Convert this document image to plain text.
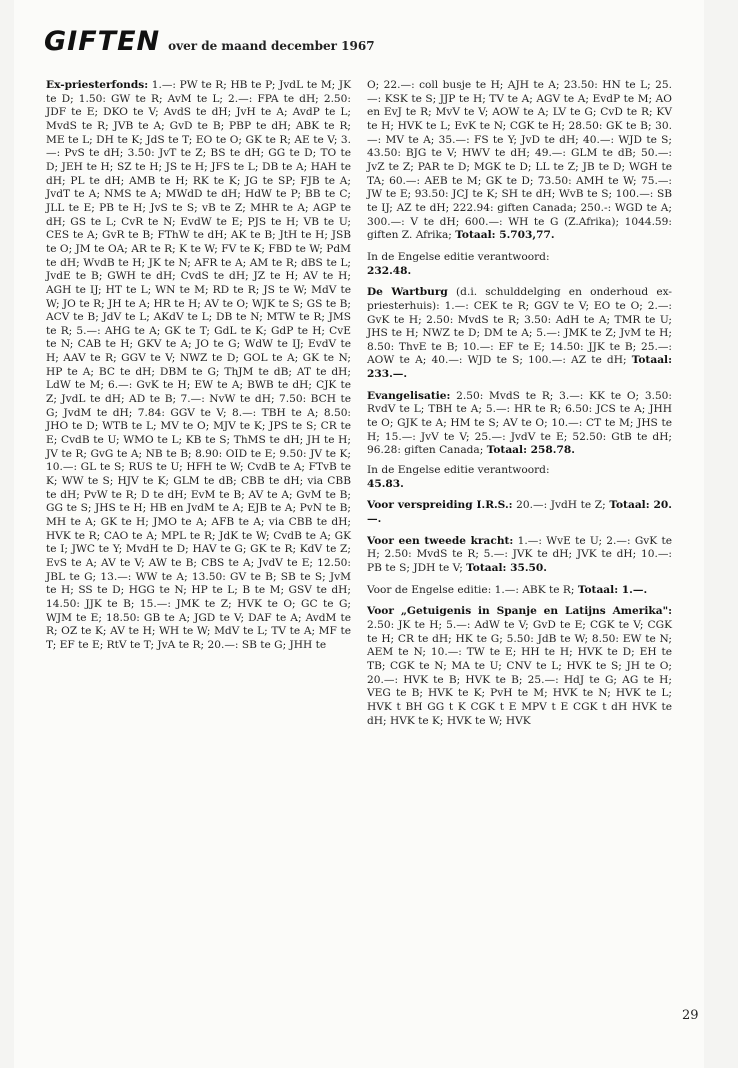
GIFTEN over de maand december 1967

Ex-priesterfonds: 1.—: PW te R; HB te P; JvdL te M; JK te D; 1.50: GW te R; AvM te L; 2.—: FPA te dH; 2.50: JDF te E; DKO te V; AvdS te dH; JvH te A; AvdP te L; MvdS te R; JVB te A; GvD te B; PBP te dH; ABK te R; ME te L; DH te K; JdS te T; EO te O; GK te R; AE te V; 3.—: PvS te dH; 3.50: JvT te Z; BS te dH; GG te D; TO te D; JEH te H; SZ te H; JS te H; JFS te L; DB te A; HAH te dH; PL te dH; AMB te H; RK te K; JG te SP; FJB te A; JvdT te A; NMS te A; MWdD te dH; HdW te P; BB te C; JLL te E; PB te H; JvS te S; vB te Z; MHR te A; AGP te dH; GS te L; CvR te N; EvdW te E; PJS te H; VB te U; CES te A; GvR te B; FThW te dH; AK te B; JtH te H; JSB te O; JM te OA; AR te R; K te W; FV te K; FBD te W; PdM te dH; WvdB te H; JK te N; AFR te A; AM te R; dBS te L; JvdE te B; GWH te dH; CvdS te dH; JZ te H; AV te H; AGH te IJ; HT te L; WN te M; RD te R; JS te W; MdV te W; JO te R; JH te A; HR te H; AV te O; WJK te S; GS te B; ACV te B; JdV te L; AKdV te L; DB te N; MTW te R; JMS te R; 5.—: AHG te A; GK te T; GdL te K; GdP te H; CvE te N; CAB te H; GKV te A; JO te G; WdW te IJ; EvdV te H; AAV te R; GGV te V; NWZ te D; GOL te A; GK te N; HP te A; BC te dH; DBM te G; ThJM te dB; AT te dH; LdW te M; 6.—: GvK te H; EW te A; BWB te dH; CJK te Z; JvdL te dH; AD te B; 7.—: NvW te dH; 7.50: BCH te G; JvdM te dH; 7.84: GGV te V; 8.—: TBH te A; 8.50: JHO te D; WTB te L; MV te O; MJV te K; JPS te S; CR te E; CvdB te U; WMO te L; KB te S; ThMS te dH; JH te H; JV te R; GvG te A; NB te B; 8.90: OID te E; 9.50: JV te K; 10.—: GL te S; RUS te U; HFH te W; CvdB te A; FTvB te K; WW te S; HJV te K; GLM te dB; CBB te dH; via CBB te dH; PvW te R; D te dH; EvM te B; AV te A; GvM te B; GG te S; JHS te H; HB en JvdM te A; EJB te A; PvN te B; MH te A; GK te H; JMO te A; AFB te A; via CBB te dH; HVK te R; CAO te A; MPL te R; JdK te W; CvdB te A; GK te I; JWC te Y; MvdH te D; HAV te G; GK te R; KdV te Z; EvS te A; AV te V; AW te B; CBS te A; JvdV te E; 12.50: JBL te G; 13.—: WW te A; 13.50: GV te B; SB te S; JvM te H; SS te D; HGG te N; HP te L; B te M; GSV te dH; 14.50: JJK te B; 15.—: JMK te Z; HVK te O; GC te G; WJM te E; 18.50: GB te A; JGD te V; DAF te A; AvdM te R; OZ te K; AV te H; WH te W; MdV te L; TV te A; MF te T; EF te E; RtV te T; JvA te R; 20.—: SB te G; JHH te

O; 22.—: coll busje te H; AJH te A; 23.50: HN te L; 25.—: KSK te S; JJP te H; TV te A; AGV te A; EvdP te M; AO en EvJ te R; MvV te V; AOW te A; LV te G; CvD te R; KV te H; HVK te L; EvK te N; CGK te H; 28.50: GK te B; 30.—: MV te A; 35.—: FS te Y; JvD te dH; 40.—: WJD te S; 43.50: BJG te V; HWV te dH; 49.—: GLM te dB; 50.—: JvZ te Z; PAR te D; MGK te D; LL te Z; JB te D; WGH te TA; 60.—: AEB te M; GK te D; 73.50: AMH te W; 75.—: JW te E; 93.50: JCJ te K; SH te dH; WvB te S; 100.—: SB te IJ; AZ te dH; 222.94: giften Canada; 250.-: WGD te A; 300.—: V te dH; 600.—: WH te G (Z.Afrika); 1044.59: giften Z. Afrika; Totaal: 5.703,77.

In de Engelse editie verantwoord:
232.48.

De Wartburg (d.i. schulddelging en onderhoud ex-priesterhuis): 1.—: CEK te R; GGV te V; EO te O; 2.—: GvK te H; 2.50: MvdS te R; 3.50: AdH te A; TMR te U; JHS te H; NWZ te D; DM te A; 5.—: JMK te Z; JvM te H; 8.50: ThvE te B; 10.—: EF te E; 14.50: JJK te B; 25.—: AOW te A; 40.—: WJD te S; 100.—: AZ te dH; Totaal: 233.—.

Evangelisatie: 2.50: MvdS te R; 3.—: KK te O; 3.50: RvdV te L; TBH te A; 5.—: HR te R; 6.50: JCS te A; JHH te O; GJK te A; HM te S; AV te O; 10.—: CT te M; JHS te H; 15.—: JvV te V; 25.—: JvdV te E; 52.50: GtB te dH; 96.28: giften Canada; Totaal: 258.78.

In de Engelse editie verantwoord:
45.83.

Voor verspreiding I.R.S.: 20.—: JvdH te Z; Totaal: 20.—.

Voor een tweede kracht: 1.—: WvE te U; 2.—: GvK te H; 2.50: MvdS te R; 5.—: JVK te dH; JVK te dH; 10.—: PB te S; JDH te V; Totaal: 35.50.

Voor de Engelse editie: 1.—: ABK te R; Totaal: 1.—.

Voor „Getuigenis in Spanje en Latijns Amerika": 2.50: JK te H; 5.—: AdW te V; GvD te E; CGK te V; CGK te H; CR te dH; HK te G; 5.50: JdB te W; 8.50: EW te N; AEM te N; 10.—: TW te E; HH te H; HVK te D; EH te TB; CGK te N; MA te U; CNV te L; HVK te S; JH te O; 20.—: HVK te B; HVK te B; 25.—: HdJ te G; AG te H; VEG te B; HVK te K; PvH te M; HVK te N; HVK te L; HVK t BH GG t K CGK t E MPV t E CGK t dH HVK te dH; HVK te K; HVK te W; HVK

29
